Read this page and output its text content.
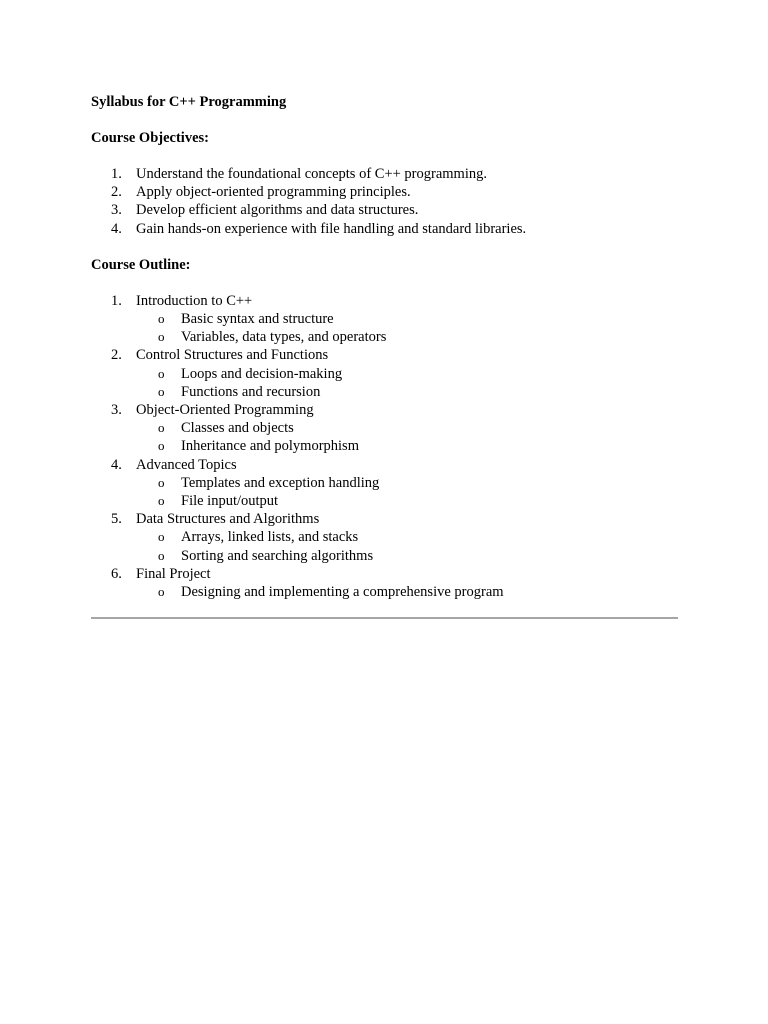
Syllabus for C++ Programming

Course Objectives:

1. Understand the foundational concepts of C++ programming.
2. Apply object-oriented programming principles.
3. Develop efficient algorithms and data structures.
4. Gain hands-on experience with file handling and standard libraries.

Course Outline:

1. Introduction to C++
o Basic syntax and structure
o Variables, data types, and operators
2. Control Structures and Functions
o Loops and decision-making
o Functions and recursion
3. Object-Oriented Programming
o Classes and objects
o Inheritance and polymorphism
4. Advanced Topics
o Templates and exception handling
o File input/output
5. Data Structures and Algorithms
o Arrays, linked lists, and stacks
o Sorting and searching algorithms
6. Final Project
o Designing and implementing a comprehensive program
